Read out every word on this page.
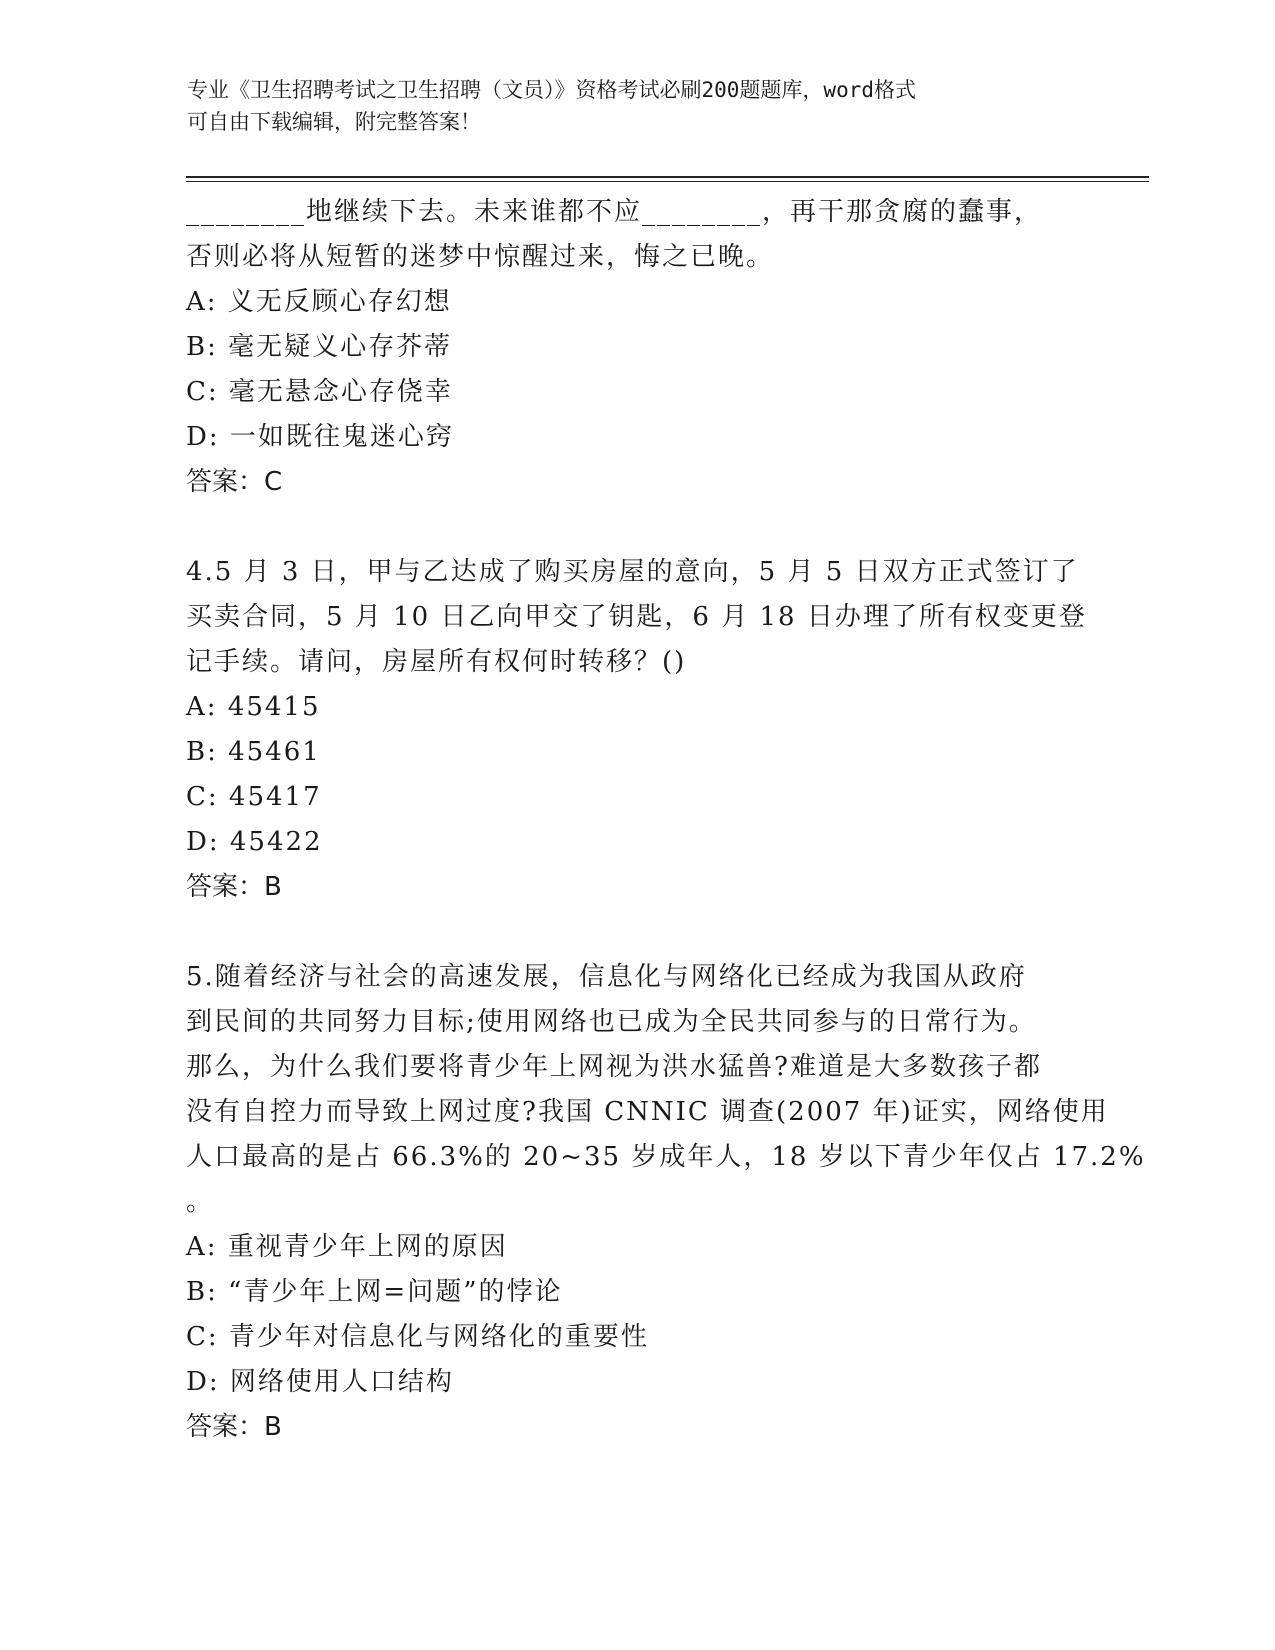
专业《卫生招聘考试之卫生招聘（文员）》资格考试必刷200题题库，word格式
可自由下载编辑，附完整答案！
________地继续下去。未来谁都不应________，再干那贪腐的蠢事，
否则必将从短暂的迷梦中惊醒过来，悔之已晚。
A: 义无反顾心存幻想
B: 毫无疑义心存芥蒂
C: 毫无悬念心存侥幸
D: 一如既往鬼迷心窍
答案：C
4.5 月 3 日，甲与乙达成了购买房屋的意向，5 月 5 日双方正式签订了
买卖合同，5 月 10 日乙向甲交了钥匙，6 月 18 日办理了所有权变更登
记手续。请问，房屋所有权何时转移？()
A: 45415
B: 45461
C: 45417
D: 45422
答案：B
5.随着经济与社会的高速发展，信息化与网络化已经成为我国从政府
到民间的共同努力目标;使用网络也已成为全民共同参与的日常行为。
那么，为什么我们要将青少年上网视为洪水猛兽?难道是大多数孩子都
没有自控力而导致上网过度?我国 CNNIC 调查(2007 年)证实，网络使用
人口最高的是占 66.3%的 20~35 岁成年人，18 岁以下青少年仅占 17.2%
。
A: 重视青少年上网的原因
B: “青少年上网=问题”的悖论
C: 青少年对信息化与网络化的重要性
D: 网络使用人口结构
答案：B
